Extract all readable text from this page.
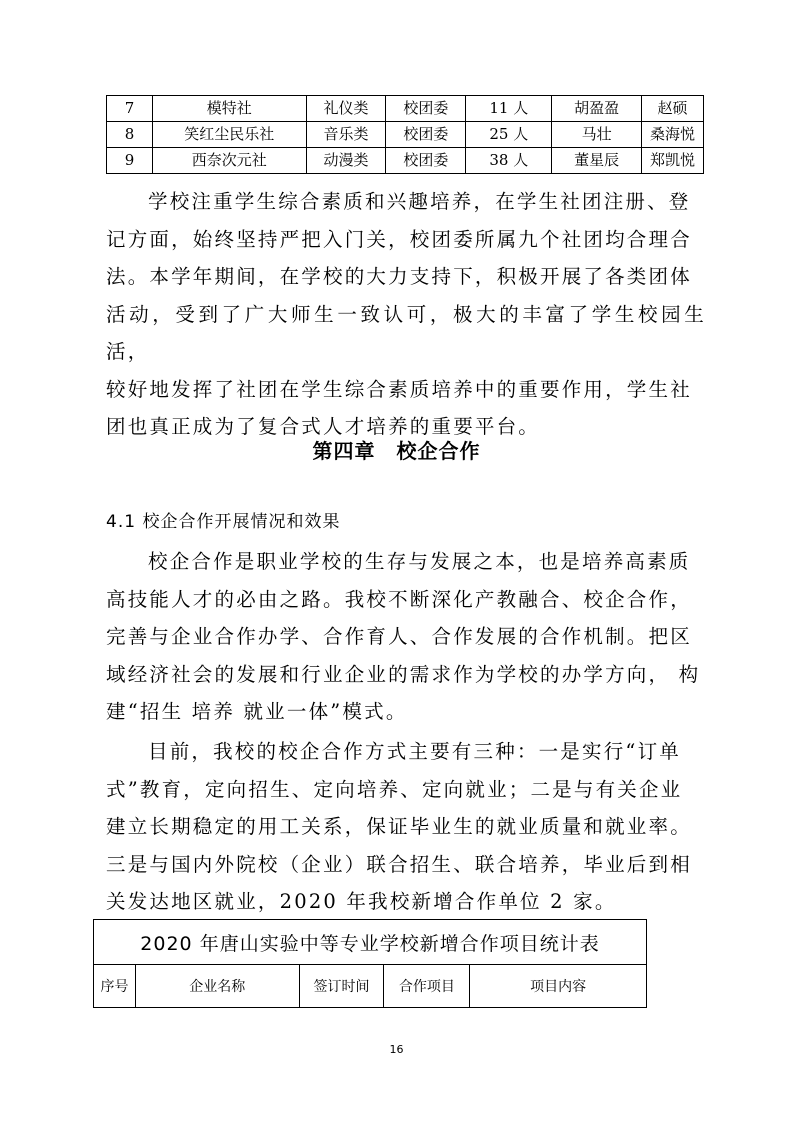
7	模特社	礼仪类	校团委	11 人	胡盈盈	赵硕
8	笑红尘民乐社	音乐类	校团委	25 人	马壮	桑海悦
9	西奈次元社	动漫类	校团委	38 人	董星辰	郑凯悦
学校注重学生综合素质和兴趣培养，在学生社团注册、登
记方面，始终坚持严把入门关，校团委所属九个社团均合理合
法。本学年期间，在学校的大力支持下，积极开展了各类团体
活动，受到了广大师生一致认可，极大的丰富了学生校园生活，
较好地发挥了社团在学生综合素质培养中的重要作用，学生社
团也真正成为了复合式人才培养的重要平台。
第四章　校企合作
4.1 校企合作开展情况和效果
校企合作是职业学校的生存与发展之本，也是培养高素质
高技能人才的必由之路。我校不断深化产教融合、校企合作，
完善与企业合作办学、合作育人、合作发展的合作机制。把区
域经济社会的发展和行业企业的需求作为学校的办学方向， 构
建“招生 培养 就业一体”模式。
目前，我校的校企合作方式主要有三种：一是实行“订单
式”教育，定向招生、定向培养、定向就业；二是与有关企业
建立长期稳定的用工关系，保证毕业生的就业质量和就业率。
三是与国内外院校（企业）联合招生、联合培养，毕业后到相
关发达地区就业，2020 年我校新增合作单位 2 家。
2020 年唐山实验中等专业学校新增合作项目统计表
序号	企业名称	签订时间	合作项目	项目内容
16
